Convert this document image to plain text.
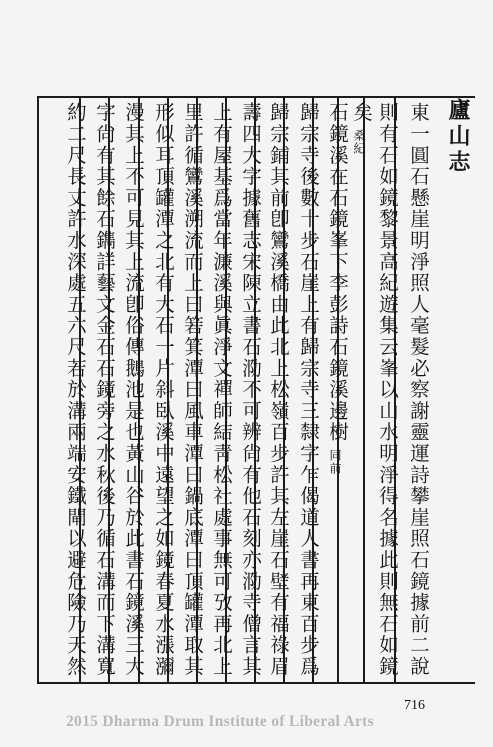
廬山志
東一圓石懸崖明淨照人毫髮必察謝靈運詩攀崖照石鏡據前二說
則有石如鏡黎景高紀遊集云峯以山水明淨得名據此則無石如鏡
矣
桑紀
石鏡溪在石鏡峯下李彭詩石鏡溪邊樹
同前
歸宗寺後數十步石崖上有歸宗寺三隸字乍偈道人書再東百步爲
歸宗鋪其前卽鸞溪橋由此北上松嶺百步許其左崖石壁有福祿眉
壽四大字據舊志宋陳立書石泐不可辨尙有他石刻亦泐寺僧言其
上有屋基爲當年濂溪與眞淨文禪師結靑松社處事無可攷再北上
里許循鸞溪溯流而上曰箬箕潭曰風車潭曰鍋底潭曰頂罐潭取其
形似耳頂罐潭之北有大石一片斜臥溪中遠望之如鏡春夏水漲瀰
漫其上不可見其上流卽俗傳鵝池是也黃山谷於此書石鏡溪三大
字尙有其餘石鐫詳藝文金石石鏡旁之水秋後乃循石溝而下溝寬
約二尺長丈許水深處五六尺若於溝兩端安鐵閘以避危險乃天然
716
2015 Dharma Drum Institute of Liberal Arts
